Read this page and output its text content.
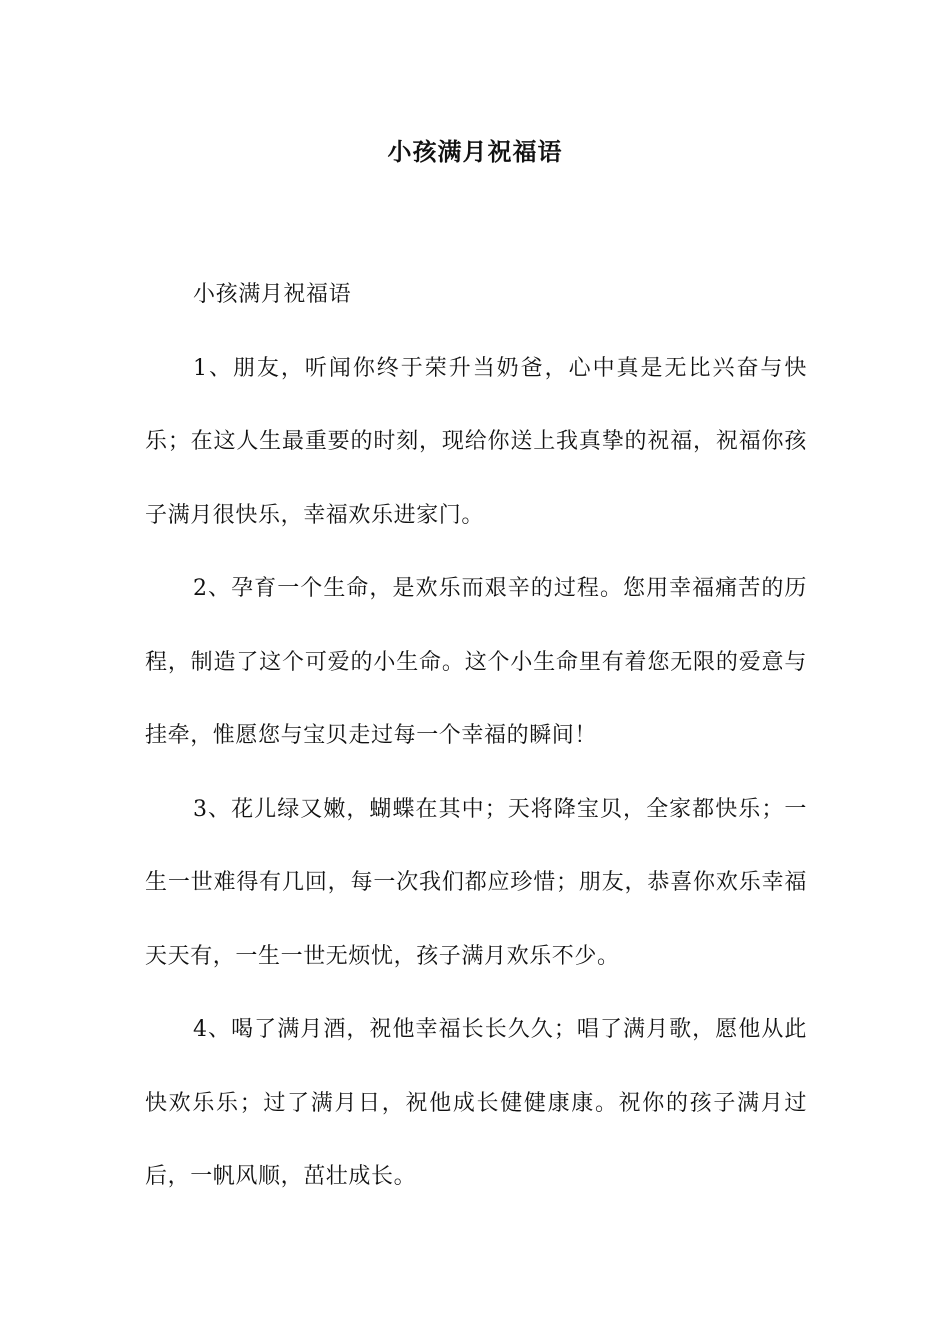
小孩满月祝福语

小孩满月祝福语

1、朋友，听闻你终于荣升当奶爸，心中真是无比兴奋与快乐；在这人生最重要的时刻，现给你送上我真挚的祝福，祝福你孩子满月很快乐，幸福欢乐进家门。

2、孕育一个生命，是欢乐而艰辛的过程。您用幸福痛苦的历程，制造了这个可爱的小生命。这个小生命里有着您无限的爱意与挂牵，惟愿您与宝贝走过每一个幸福的瞬间！

3、花儿绿又嫩，蝴蝶在其中；天将降宝贝，全家都快乐；一生一世难得有几回，每一次我们都应珍惜；朋友，恭喜你欢乐幸福天天有，一生一世无烦忧，孩子满月欢乐不少。

4、喝了满月酒，祝他幸福长长久久；唱了满月歌，愿他从此快欢乐乐；过了满月日，祝他成长健健康康。祝你的孩子满月过后，一帆风顺，茁壮成长。
